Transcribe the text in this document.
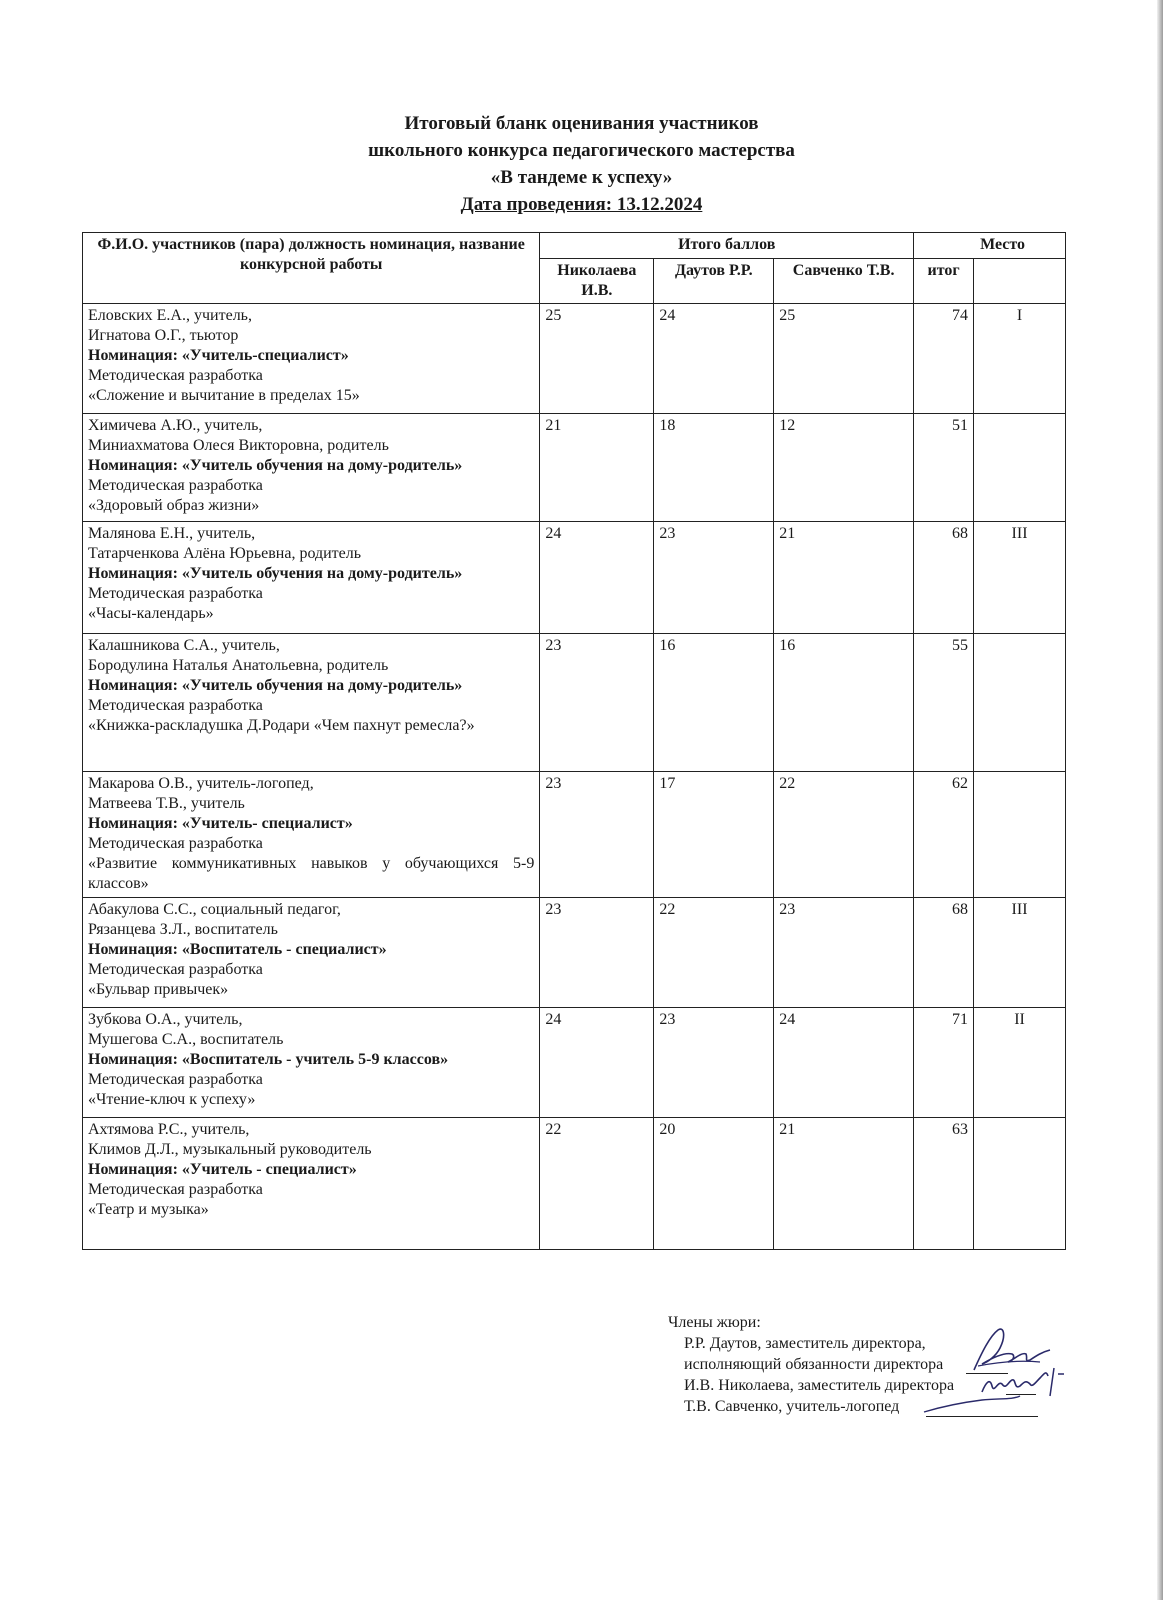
Итоговый бланк оценивания участников
школьного конкурса педагогического мастерства
«В тандеме к успеху»
Дата проведения: 13.12.2024
Ф.И.О. участников (пара) должность номинация, название конкурсной работы	Итого баллов			Место	
	Николаева И.В.	Даутов Р.Р.	Савченко Т.В.	итог	

Еловских Е.А., учитель,
Игнатова О.Г., тьютор
Номинация: «Учитель-специалист»
Методическая разработка
«Сложение и вычитание в пределах 15»	25	24	25	74	I

Химичева А.Ю., учитель,
Миниахматова Олеся Викторовна, родитель
Номинация: «Учитель обучения на дому-родитель»
Методическая разработка
«Здоровый образ жизни»	21	18	12	51	

Малянова Е.Н., учитель,
Татарченкова Алёна Юрьевна, родитель
Номинация: «Учитель обучения на дому-родитель»
Методическая разработка
«Часы-календарь»	24	23	21	68	III

Калашникова С.А., учитель,
Бородулина Наталья Анатольевна, родитель
Номинация: «Учитель обучения на дому-родитель»
Методическая разработка
«Книжка-раскладушка Д.Родари «Чем пахнут ремесла?»	23	16	16	55	

Макарова О.В., учитель-логопед,
Матвеева Т.В., учитель
Номинация: «Учитель- специалист»
Методическая разработка
«Развитие коммуникативных навыков у обучающихся 5-9 классов»	23	17	22	62	

Абакулова С.С., социальный педагог,
Рязанцева З.Л., воспитатель
Номинация: «Воспитатель - специалист»
Методическая разработка
«Бульвар привычек»	23	22	23	68	III

Зубкова О.А., учитель,
Мушегова С.А., воспитатель
Номинация: «Воспитатель - учитель 5-9 классов»
Методическая разработка
«Чтение-ключ к успеху»	24	23	24	71	II

Ахтямова Р.С., учитель,
Климов Д.Л., музыкальный руководитель
Номинация: «Учитель - специалист»
Методическая разработка
«Театр и музыка»	22	20	21	63	
Члены жюри:
Р.Р. Даутов, заместитель директора,
исполняющий обязанности директора
И.В. Николаева, заместитель директора
Т.В. Савченко, учитель-логопед
